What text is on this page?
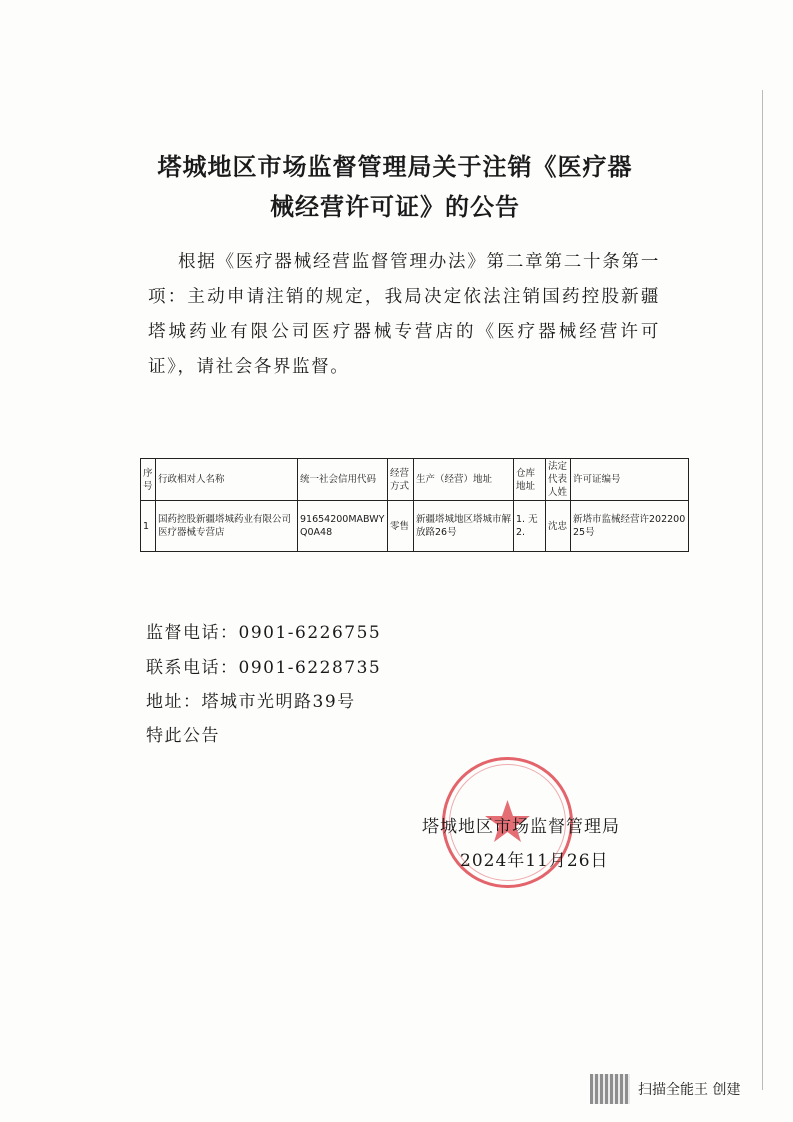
塔城地区市场监督管理局关于注销《医疗器
械经营许可证》的公告
根据《医疗器械经营监督管理办法》第二章第二十条第一项：主动申请注销的规定，我局决定依法注销国药控股新疆塔城药业有限公司医疗器械专营店的《医疗器械经营许可证》，请社会各界监督。
序号	行政相对人名称	统一社会信用代码	经营方式	生产（经营）地址	仓库地址	法定代表人姓	许可证编号
1	国药控股新疆塔城药业有限公司医疗器械专营店	91654200MABWYQ0A48	零售	新疆塔城地区塔城市解放路26号	1. 无2.	沈忠	新塔市监械经营许20220025号
监督电话：0901-6226755
联系电话：0901-6228735
地址：塔城市光明路39号
特此公告
塔城地区市场监督管理局
2024年11月26日
扫描全能王 创建
